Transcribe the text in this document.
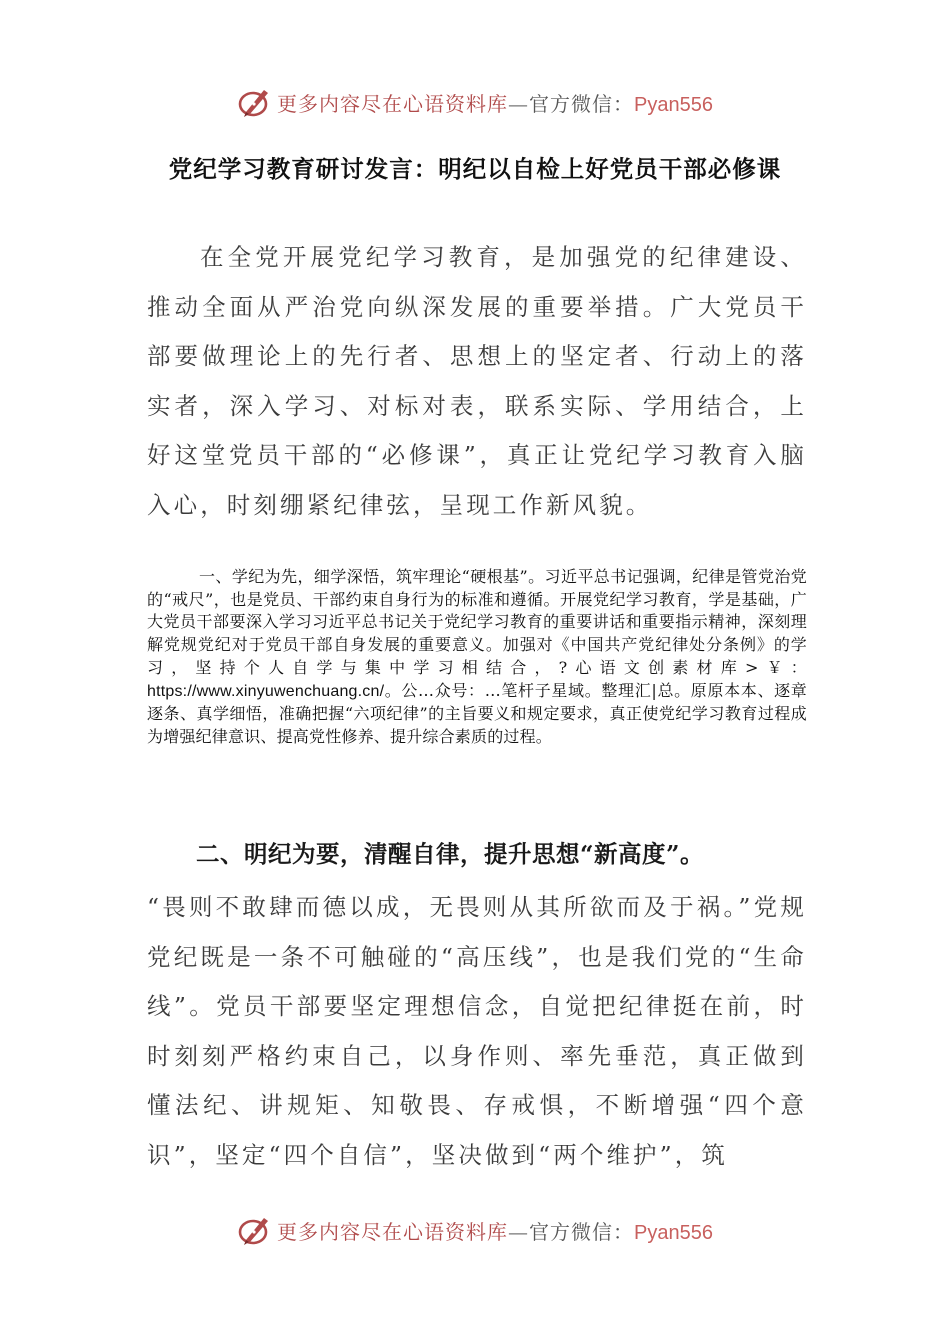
更多内容尽在心语资料库—官方微信：Pyan556
党纪学习教育研讨发言：明纪以自检上好党员干部必修课

在全党开展党纪学习教育，是加强党的纪律建设、推动全面从严治党向纵深发展的重要举措。广大党员干部要做理论上的先行者、思想上的坚定者、行动上的落实者，深入学习、对标对表，联系实际、学用结合，上好这堂党员干部的“必修课”，真正让党纪学习教育入脑入心，时刻绷紧纪律弦，呈现工作新风貌。

一、学纪为先，细学深悟，筑牢理论“硬根基”。习近平总书记强调，纪律是管党治党的“戒尺”，也是党员、干部约束自身行为的标准和遵循。开展党纪学习教育，学是基础，广大党员干部要深入学习习近平总书记关于党纪学习教育的重要讲话和重要指示精神，深刻理解党规党纪对于党员干部自身发展的重要意义。加强对《中国共产党纪律处分条例》的学习，坚持个人自学与集中学习相结合，?心语文创素材库>￥：https://www.xinyuwenchuang.cn/。公…众号：…笔杆子星域。整理汇|总。原原本本、逐章逐条、真学细悟，准确把握“六项纪律”的主旨要义和规定要求，真正使党纪学习教育过程成为增强纪律意识、提高党性修养、提升综合素质的过程。

二、明纪为要，清醒自律，提升思想“新高度”。

“畏则不敢肆而德以成，无畏则从其所欲而及于祸。”党规党纪既是一条不可触碰的“高压线”，也是我们党的“生命线”。党员干部要坚定理想信念，自觉把纪律挺在前，时时刻刻严格约束自己，以身作则、率先垂范，真正做到懂法纪、讲规矩、知敬畏、存戒惧，不断增强“四个意识”，坚定“四个自信”，坚决做到“两个维护”，筑

更多内容尽在心语资料库—官方微信：Pyan556
